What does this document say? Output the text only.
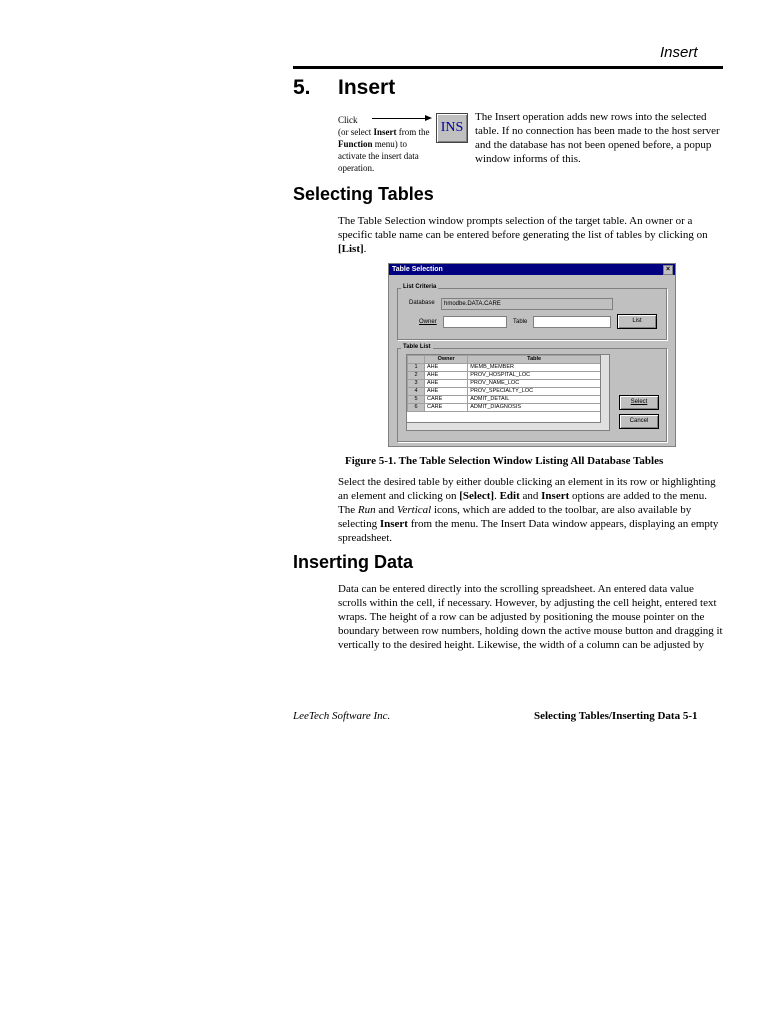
Insert
5. Insert
Click
(or select Insert from the Function menu) to activate the insert data operation.
INS
The Insert operation adds new rows into the selected table. If no connection has been made to the host server and the database has not been opened before, a popup window informs of this.
Selecting Tables
The Table Selection window prompts selection of the target table. An owner or a specific table name can be entered before generating the list of tables by clicking on [List].
Table Selection	×
List Criteria
Database	hmodbe.DATA.CARE
Owner	Table	List
Table List
	Owner	Table
1	AHE	MEMB_MEMBER
2	AHE	PROV_HOSPITAL_LOC
3	AHE	PROV_NAME_LOC
4	AHE	PROV_SPECIALTY_LOC
5	CARE	ADMIT_DETAIL
6	CARE	ADMIT_DIAGNOSIS
Select
Cancel
Figure 5-1. The Table Selection Window Listing All Database Tables
Select the desired table by either double clicking an element in its row or highlighting an element and clicking on [Select]. Edit and Insert options are added to the menu. The Run and Vertical icons, which are added to the toolbar, are also available by selecting Insert from the menu. The Insert Data window appears, displaying an empty spreadsheet.
Inserting Data
Data can be entered directly into the scrolling spreadsheet. An entered data value scrolls within the cell, if necessary. However, by adjusting the cell height, entered text wraps. The height of a row can be adjusted by positioning the mouse pointer on the boundary between row numbers, holding down the active mouse button and dragging it vertically to the desired height. Likewise, the width of a column can be adjusted by
LeeTech Software Inc.	Selecting Tables/Inserting Data 5-1
